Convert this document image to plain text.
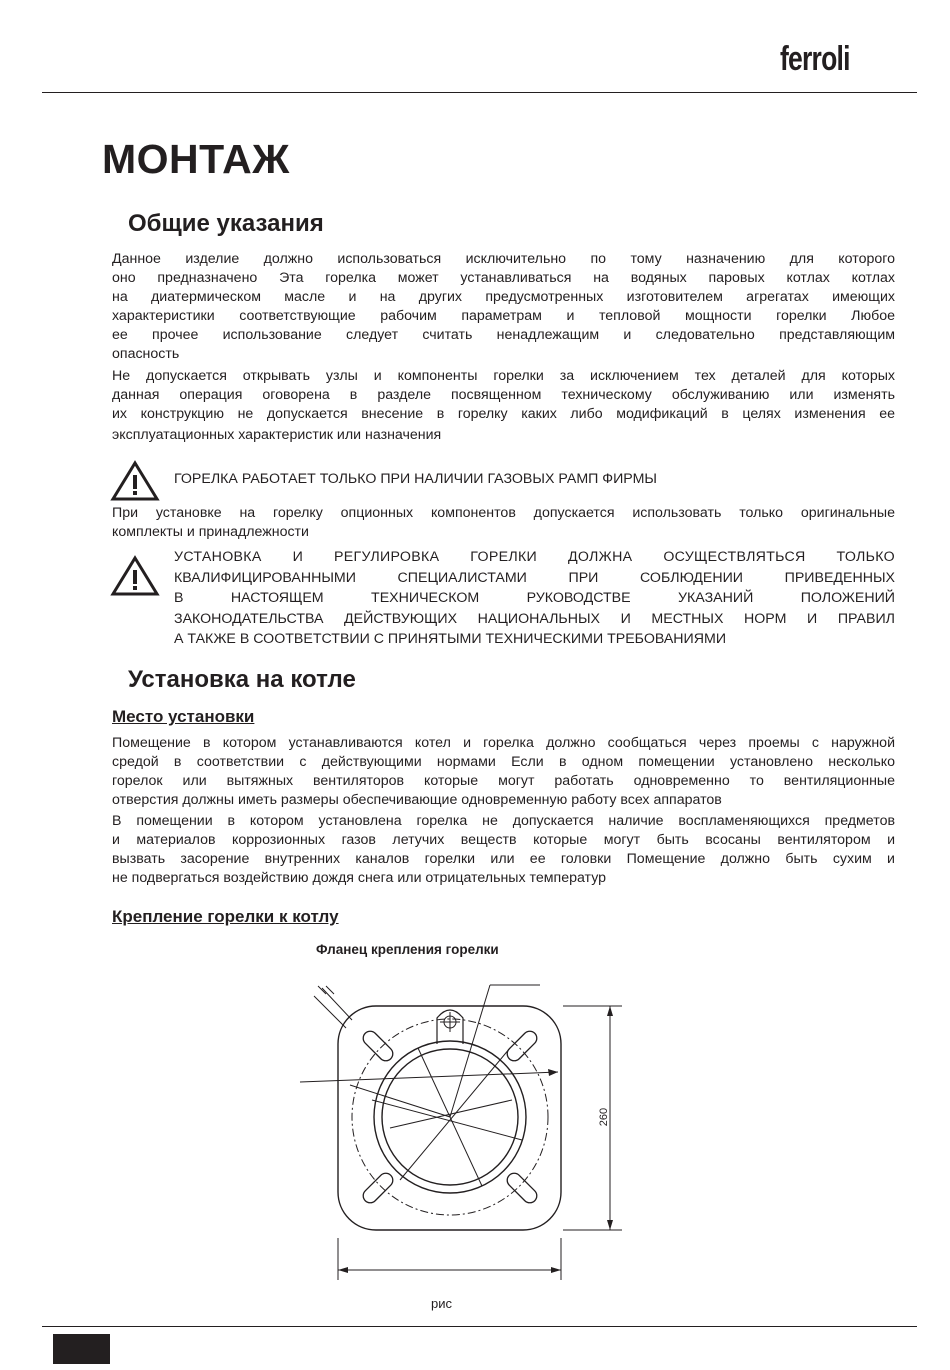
ferroli
МОНТАЖ
Общие указания
Данное изделие должно использоваться исключительно по тому назначению для которого
оно предназначено Эта горелка может устанавливаться на водяных паровых котлах котлах
на диатермическом масле и на других предусмотренных изготовителем агрегатах имеющих
характеристики соответствующие рабочим параметрам и тепловой мощности горелки Любое
ее прочее использование следует считать ненадлежащим и следовательно представляющим
опасность
Не допускается открывать узлы и компоненты горелки за исключением тех деталей для которых
данная операция оговорена в разделе посвященном техническому обслуживанию или изменять
их конструкцию не допускается внесение в горелку каких либо модификаций в целях изменения ее
эксплуатационных характеристик или назначения
ГОРЕЛКА РАБОТАЕТ ТОЛЬКО ПРИ НАЛИЧИИ ГАЗОВЫХ РАМП ФИРМЫ
При установке на горелку опционных компонентов допускается использовать только оригинальные
комплекты и принадлежности
УСТАНОВКА И РЕГУЛИРОВКА ГОРЕЛКИ ДОЛЖНА ОСУЩЕСТВЛЯТЬСЯ ТОЛЬКО
КВАЛИФИЦИРОВАННЫМИ СПЕЦИАЛИСТАМИ ПРИ СОБЛЮДЕНИИ ПРИВЕДЕННЫХ
В НАСТОЯЩЕМ ТЕХНИЧЕСКОМ РУКОВОДСТВЕ УКАЗАНИЙ ПОЛОЖЕНИЙ
ЗАКОНОДАТЕЛЬСТВА ДЕЙСТВУЮЩИХ НАЦИОНАЛЬНЫХ И МЕСТНЫХ НОРМ И ПРАВИЛ
А ТАКЖЕ В СООТВЕТСТВИИ С ПРИНЯТЫМИ ТЕХНИЧЕСКИМИ ТРЕБОВАНИЯМИ
Установка на котле
Место установки
Помещение в котором устанавливаются котел и горелка должно сообщаться через проемы с наружной
средой в соответствии с действующими нормами Если в одном помещении установлено несколько
горелок или вытяжных вентиляторов которые могут работать одновременно то вентиляционные
отверстия должны иметь размеры обеспечивающие одновременную работу всех аппаратов
В помещении в котором установлена горелка не допускается наличие воспламеняющихся предметов
и материалов коррозионных газов летучих веществ которые могут быть всосаны вентилятором и
вызвать засорение внутренних каналов горелки или ее головки Помещение должно быть сухим и
не подвергаться воздействию дождя снега или отрицательных температур
Крепление горелки к котлу
Фланец крепления горелки
260
рис
